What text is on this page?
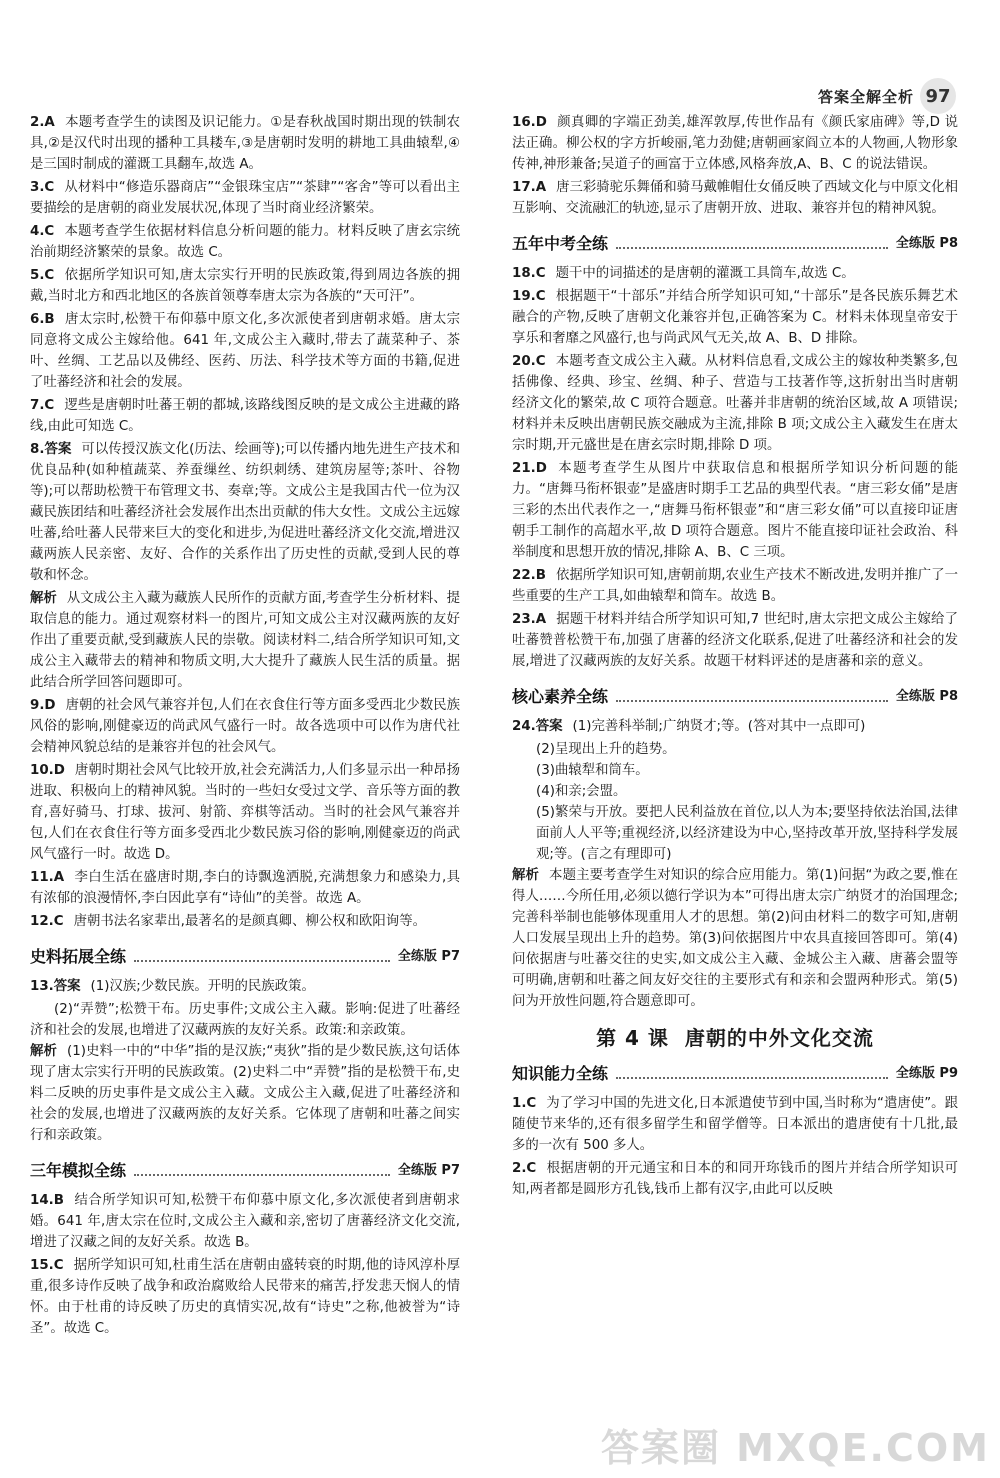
答案全解全析 97
2.A 本题考查学生的读图及识记能力。①是春秋战国时期出现的铁制农具,②是汉代时出现的播种工具耧车,③是唐朝时发明的耕地工具曲辕犁,④是三国时制成的灌溉工具翻车,故选 A。
3.C 从材料中“修造乐器商店”“金银珠宝店”“茶肆”“客舍”等可以看出主要描绘的是唐朝的商业发展状况,体现了当时商业经济繁荣。
4.C 本题考查学生依据材料信息分析问题的能力。材料反映了唐玄宗统治前期经济繁荣的景象。故选 C。
5.C 依据所学知识可知,唐太宗实行开明的民族政策,得到周边各族的拥戴,当时北方和西北地区的各族首领尊奉唐太宗为各族的“天可汗”。
6.B 唐太宗时,松赞干布仰慕中原文化,多次派使者到唐朝求婚。唐太宗同意将文成公主嫁给他。641 年,文成公主入藏时,带去了蔬菜种子、茶叶、丝绸、工艺品以及佛经、医药、历法、科学技术等方面的书籍,促进了吐蕃经济和社会的发展。
7.C 逻些是唐朝时吐蕃王朝的都城,该路线图反映的是文成公主进藏的路线,由此可知选 C。
8.答案 可以传授汉族文化(历法、绘画等);可以传播内地先进生产技术和优良品种(如种植蔬菜、养蚕缫丝、纺织刺绣、建筑房屋等;茶叶、谷物等);可以帮助松赞干布管理文书、奏章;等。文成公主是我国古代一位为汉藏民族团结和吐蕃经济社会发展作出杰出贡献的伟大女性。文成公主远嫁吐蕃,给吐蕃人民带来巨大的变化和进步,为促进吐蕃经济文化交流,增进汉藏两族人民亲密、友好、合作的关系作出了历史性的贡献,受到人民的尊敬和怀念。
解析 从文成公主入藏为藏族人民所作的贡献方面,考查学生分析材料、提取信息的能力。通过观察材料一的图片,可知文成公主对汉藏两族的友好作出了重要贡献,受到藏族人民的崇敬。阅读材料二,结合所学知识可知,文成公主入藏带去的精神和物质文明,大大提升了藏族人民生活的质量。据此结合所学回答问题即可。
9.D 唐朝的社会风气兼容并包,人们在衣食住行等方面多受西北少数民族风俗的影响,刚健豪迈的尚武风气盛行一时。故各选项中可以作为唐代社会精神风貌总结的是兼容并包的社会风气。
10.D 唐朝时期社会风气比较开放,社会充满活力,人们多显示出一种昂扬进取、积极向上的精神风貌。当时的一些妇女受过文学、音乐等方面的教育,喜好骑马、打球、拔河、射箭、弈棋等活动。当时的社会风气兼容并包,人们在衣食住行等方面多受西北少数民族习俗的影响,刚健豪迈的尚武风气盛行一时。故选 D。
11.A 李白生活在盛唐时期,李白的诗飘逸洒脱,充满想象力和感染力,具有浓郁的浪漫情怀,李白因此享有“诗仙”的美誉。故选 A。
12.C 唐朝书法名家辈出,最著名的是颜真卿、柳公权和欧阳询等。
史料拓展全练	全练版 P7
13.答案 (1)汉族;少数民族。开明的民族政策。
(2)“弄赞”;松赞干布。历史事件;文成公主入藏。影响:促进了吐蕃经济和社会的发展,也增进了汉藏两族的友好关系。政策:和亲政策。
解析 (1)史料一中的“中华”指的是汉族;“夷狄”指的是少数民族,这句话体现了唐太宗实行开明的民族政策。(2)史料二中“弄赞”指的是松赞干布,史料二反映的历史事件是文成公主入藏。文成公主入藏,促进了吐蕃经济和社会的发展,也增进了汉藏两族的友好关系。它体现了唐朝和吐蕃之间实行和亲政策。
三年模拟全练	全练版 P7
14.B 结合所学知识可知,松赞干布仰慕中原文化,多次派使者到唐朝求婚。641 年,唐太宗在位时,文成公主入藏和亲,密切了唐蕃经济文化交流,增进了汉藏之间的友好关系。故选 B。
15.C 据所学知识可知,杜甫生活在唐朝由盛转衰的时期,他的诗风淳朴厚重,很多诗作反映了战争和政治腐败给人民带来的痛苦,抒发悲天悯人的情怀。由于杜甫的诗反映了历史的真情实况,故有“诗史”之称,他被誉为“诗圣”。故选 C。
16.D 颜真卿的字端正劲美,雄浑敦厚,传世作品有《颜氏家庙碑》等,D 说法正确。柳公权的字方折峻丽,笔力劲健;唐朝画家阎立本的人物画,人物形象传神,神形兼备;吴道子的画富于立体感,风格奔放,A、B、C 的说法错误。
17.A 唐三彩骑驼乐舞俑和骑马戴帷帽仕女俑反映了西域文化与中原文化相互影响、交流融汇的轨迹,显示了唐朝开放、进取、兼容并包的精神风貌。
五年中考全练	全练版 P8
18.C 题干中的词描述的是唐朝的灌溉工具筒车,故选 C。
19.C 根据题干“十部乐”并结合所学知识可知,“十部乐”是各民族乐舞艺术融合的产物,反映了唐朝文化兼容并包,正确答案为 C。材料未体现皇帝安于享乐和奢靡之风盛行,也与尚武风气无关,故 A、B、D 排除。
20.C 本题考查文成公主入藏。从材料信息看,文成公主的嫁妆种类繁多,包括佛像、经典、珍宝、丝绸、种子、营造与工技著作等,这折射出当时唐朝经济文化的繁荣,故 C 项符合题意。吐蕃并非唐朝的统治区域,故 A 项错误;材料并未反映出唐朝民族交融成为主流,排除 B 项;文成公主入藏发生在唐太宗时期,开元盛世是在唐玄宗时期,排除 D 项。
21.D 本题考查学生从图片中获取信息和根据所学知识分析问题的能力。“唐舞马衔杯银壶”是盛唐时期手工艺品的典型代表。“唐三彩女俑”是唐三彩的杰出代表作之一,“唐舞马衔杯银壶”和“唐三彩女俑”可以直接印证唐朝手工制作的高超水平,故 D 项符合题意。图片不能直接印证社会政治、科举制度和思想开放的情况,排除 A、B、C 三项。
22.B 依据所学知识可知,唐朝前期,农业生产技术不断改进,发明并推广了一些重要的生产工具,如曲辕犁和筒车。故选 B。
23.A 据题干材料并结合所学知识可知,7 世纪时,唐太宗把文成公主嫁给了吐蕃赞普松赞干布,加强了唐蕃的经济文化联系,促进了吐蕃经济和社会的发展,增进了汉藏两族的友好关系。故题干材料评述的是唐蕃和亲的意义。
核心素养全练	全练版 P8
24.答案 (1)完善科举制;广纳贤才;等。(答对其中一点即可)
(2)呈现出上升的趋势。
(3)曲辕犁和筒车。
(4)和亲;会盟。
(5)繁荣与开放。要把人民利益放在首位,以人为本;要坚持依法治国,法律面前人人平等;重视经济,以经济建设为中心,坚持改革开放,坚持科学发展观;等。(言之有理即可)
解析 本题主要考查学生对知识的综合应用能力。第(1)问据“为政之要,惟在得人……今所任用,必须以德行学识为本”可得出唐太宗广纳贤才的治国理念;完善科举制也能够体现重用人才的思想。第(2)问由材料二的数字可知,唐朝人口发展呈现出上升的趋势。第(3)问依据图片中农具直接回答即可。第(4)问依据唐与吐蕃交往的史实,如文成公主入藏、金城公主入藏、唐蕃会盟等可明确,唐朝和吐蕃之间友好交往的主要形式有和亲和会盟两种形式。第(5)问为开放性问题,符合题意即可。
第 4 课 唐朝的中外文化交流
知识能力全练	全练版 P9
1.C 为了学习中国的先进文化,日本派遣使节到中国,当时称为“遣唐使”。跟随使节来华的,还有很多留学生和留学僧等。日本派出的遣唐使有十几批,最多的一次有 500 多人。
2.C 根据唐朝的开元通宝和日本的和同开珎钱币的图片并结合所学知识可知,两者都是圆形方孔钱,钱币上都有汉字,由此可以反映
答案圈 MXQE.COM
